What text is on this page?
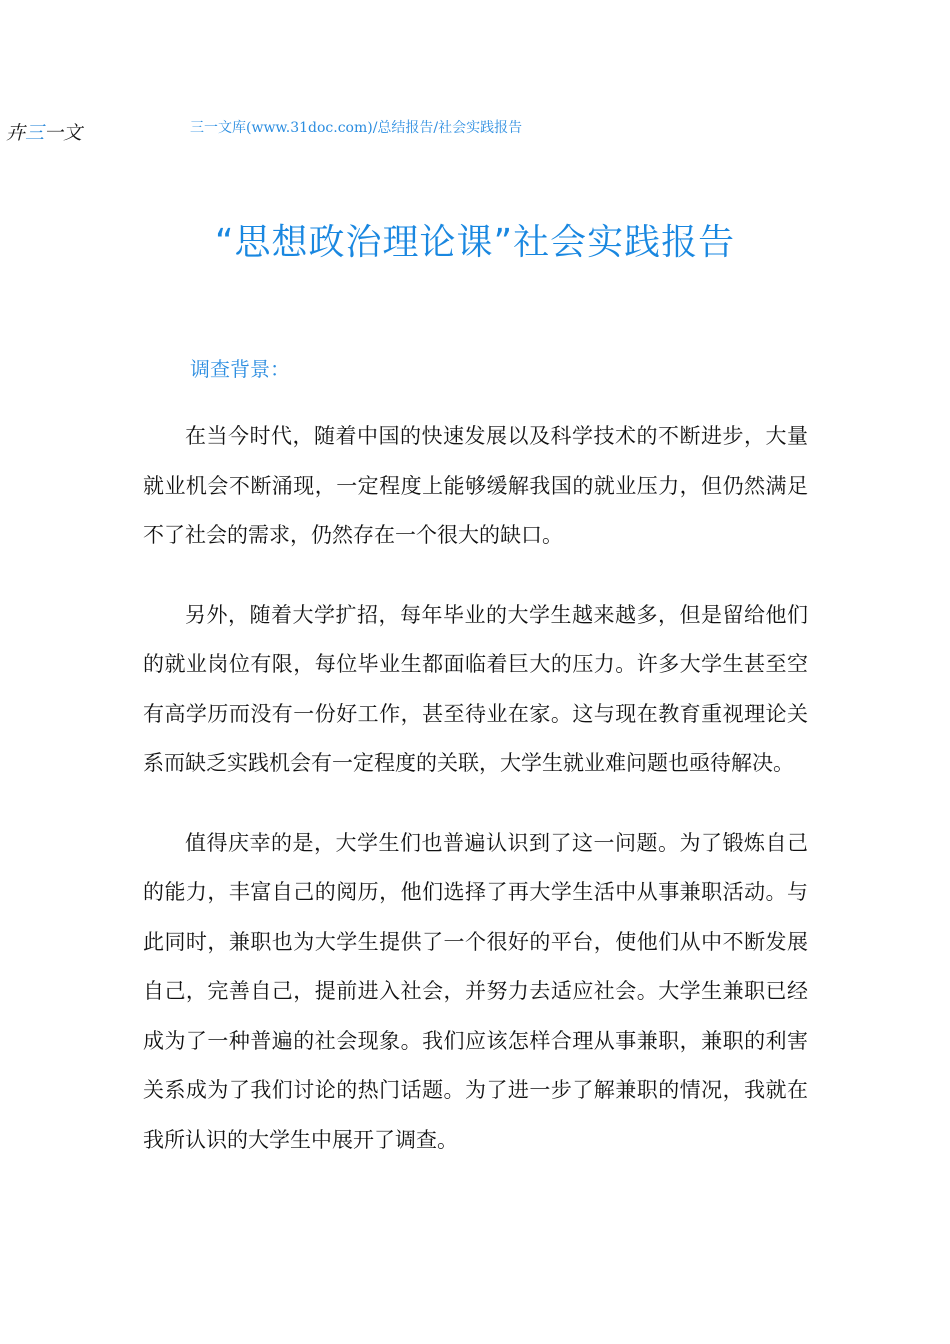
卉三一文	三一文库(www.31doc.com)/总结报告/社会实践报告
“思想政治理论课”社会实践报告
调查背景：

在当今时代，随着中国的快速发展以及科学技术的不断进步，大量就业机会不断涌现，一定程度上能够缓解我国的就业压力，但仍然满足不了社会的需求，仍然存在一个很大的缺口。

另外，随着大学扩招，每年毕业的大学生越来越多，但是留给他们的就业岗位有限，每位毕业生都面临着巨大的压力。许多大学生甚至空有高学历而没有一份好工作，甚至待业在家。这与现在教育重视理论关系而缺乏实践机会有一定程度的关联，大学生就业难问题也亟待解决。

值得庆幸的是，大学生们也普遍认识到了这一问题。为了锻炼自己的能力，丰富自己的阅历，他们选择了再大学生活中从事兼职活动。与此同时，兼职也为大学生提供了一个很好的平台，使他们从中不断发展自己，完善自己，提前进入社会，并努力去适应社会。大学生兼职已经成为了一种普遍的社会现象。我们应该怎样合理从事兼职，兼职的利害关系成为了我们讨论的热门话题。为了进一步了解兼职的情况，我就在我所认识的大学生中展开了调查。
